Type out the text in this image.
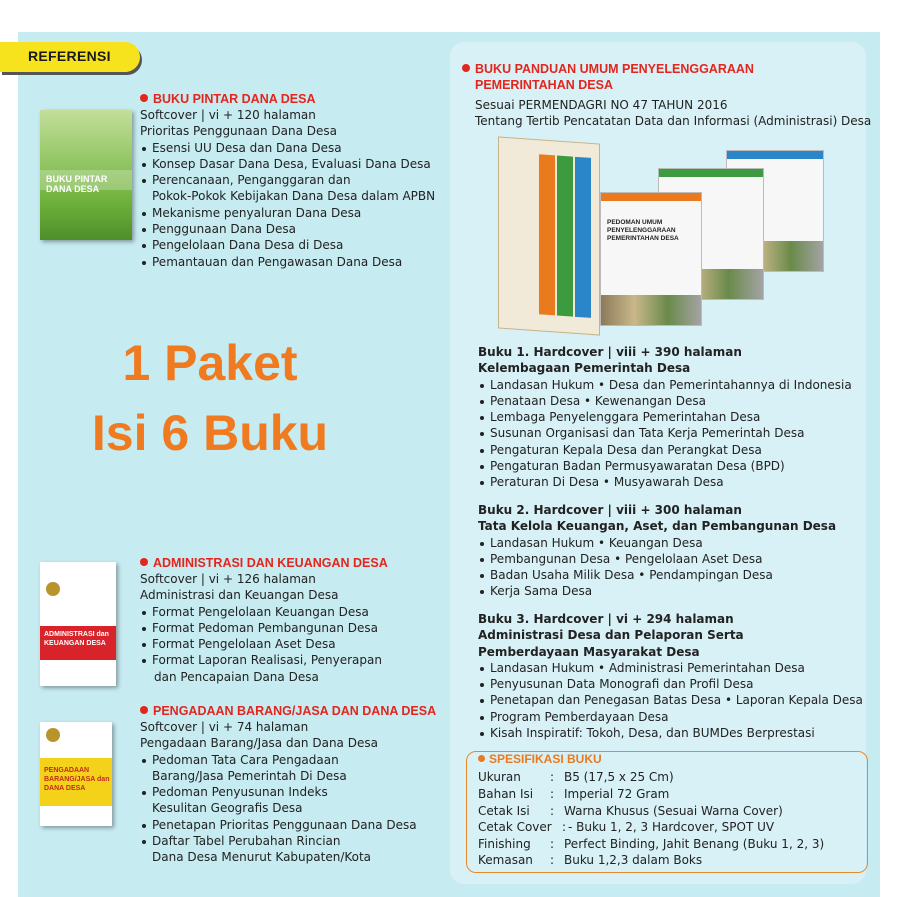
REFERENSI
BUKU PINTAR DANA DESA
ADMINISTRASI dan KEUANGAN DESA
PENGADAAN BARANG/JASA dan DANA DESA
BUKU PINTAR DANA DESA
Softcover | vi + 120 halaman
Prioritas Penggunaan Dana Desa
Esensi UU Desa dan Dana Desa
Konsep Dasar Dana Desa, Evaluasi Dana Desa
Perencanaan, Penganggaran dan
Pokok-Pokok Kebijakan Dana Desa dalam APBN
Mekanisme penyaluran Dana Desa
Penggunaan Dana Desa
Pengelolaan Dana Desa di Desa
Pemantauan dan Pengawasan Dana Desa
1 Paket
Isi 6 Buku
ADMINISTRASI DAN KEUANGAN DESA
Softcover | vi + 126 halaman
Administrasi dan Keuangan Desa
Format Pengelolaan Keuangan Desa
Format Pedoman Pembangunan Desa
Format Pengelolaan Aset Desa
Format Laporan Realisasi, Penyerapan
dan Pencapaian Dana Desa
PENGADAAN BARANG/JASA DAN DANA DESA
Softcover | vi + 74 halaman
Pengadaan Barang/Jasa dan Dana Desa
Pedoman Tata Cara Pengadaan
Barang/Jasa Pemerintah Di Desa
Pedoman Penyusunan Indeks
Kesulitan Geografis Desa
Penetapan Prioritas Penggunaan Dana Desa
Daftar Tabel Perubahan Rincian
Dana Desa Menurut Kabupaten/Kota
BUKU PANDUAN UMUM PENYELENGGARAAN
PEMERINTAHAN DESA
Sesuai PERMENDAGRI NO 47 TAHUN 2016
Tentang Tertib Pencatatan Data dan Informasi (Administrasi) Desa
PEDOMAN UMUM PENYELENGGARAAN PEMERINTAHAN DESA
Buku 1. Hardcover | viii + 390 halaman
Kelembagaan Pemerintah Desa
Landasan Hukum • Desa dan Pemerintahannya di Indonesia
Penataan Desa • Kewenangan Desa
Lembaga Penyelenggara Pemerintahan Desa
Susunan Organisasi dan Tata Kerja Pemerintah Desa
Pengaturan Kepala Desa dan Perangkat Desa
Pengaturan Badan Permusyawaratan Desa (BPD)
Peraturan Di Desa • Musyawarah Desa
Buku 2. Hardcover | viii + 300 halaman
Tata Kelola Keuangan, Aset, dan Pembangunan Desa
Landasan Hukum • Keuangan Desa
Pembangunan Desa • Pengelolaan Aset Desa
Badan Usaha Milik Desa • Pendampingan Desa
Kerja Sama Desa
Buku 3. Hardcover | vi + 294 halaman
Administrasi Desa dan Pelaporan Serta
Pemberdayaan Masyarakat Desa
Landasan Hukum • Administrasi Pemerintahan Desa
Penyusunan Data Monografi dan Profil Desa
Penetapan dan Penegasan Batas Desa • Laporan Kepala Desa
Program Pemberdayaan Desa
Kisah Inspiratif: Tokoh, Desa, dan BUMDes Berprestasi
SPESIFIKASI BUKU
Ukuran : B5 (17,5 x 25 Cm)
Bahan Isi : Imperial 72 Gram
Cetak Isi : Warna Khusus (Sesuai Warna Cover)
Cetak Cover : - Buku 1, 2, 3 Hardcover, SPOT UV
Finishing : Perfect Binding, Jahit Benang (Buku 1, 2, 3)
Kemasan : Buku 1,2,3 dalam Boks
